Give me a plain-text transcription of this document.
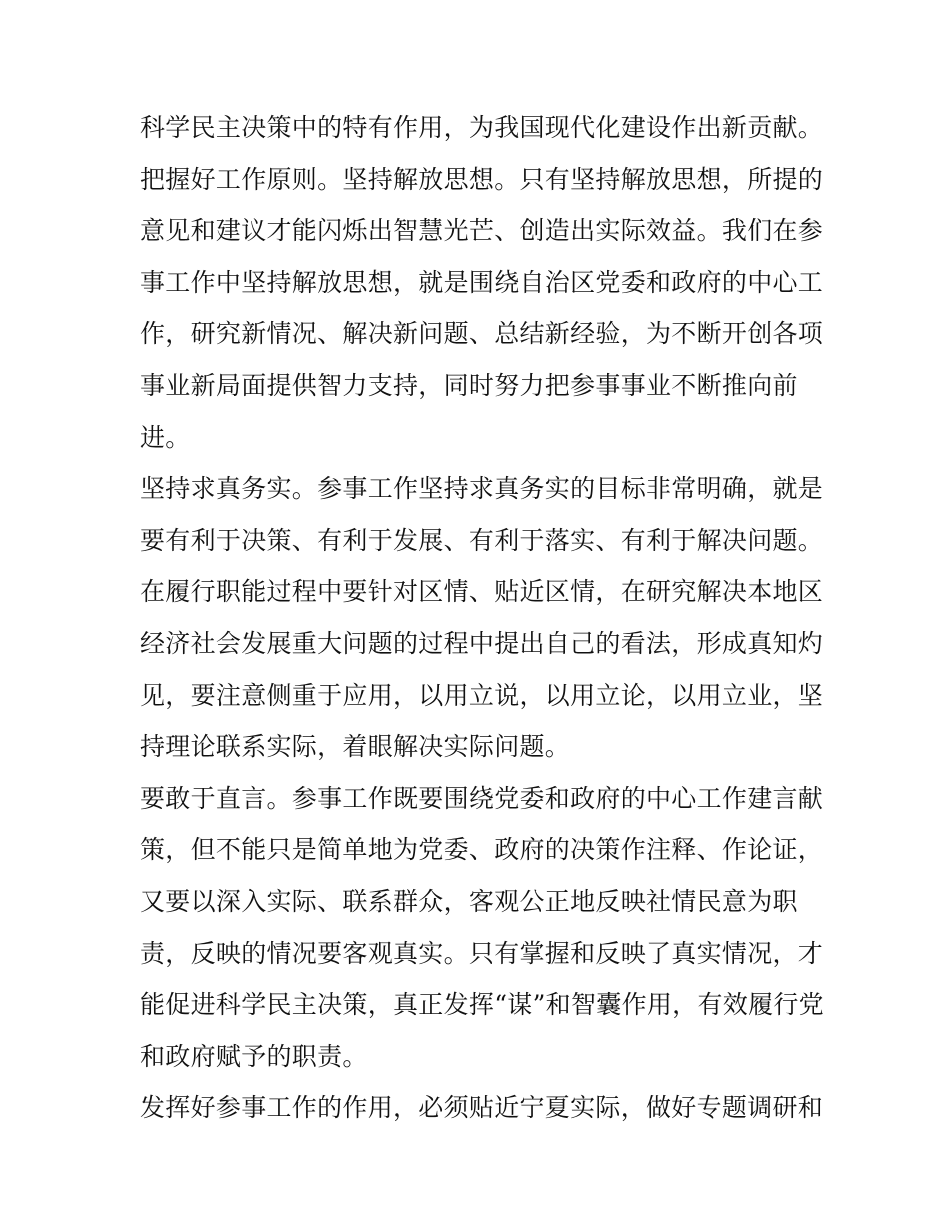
科学民主决策中的特有作用，为我国现代化建设作出新贡献。
把握好工作原则。坚持解放思想。只有坚持解放思想，所提的
意见和建议才能闪烁出智慧光芒、创造出实际效益。我们在参
事工作中坚持解放思想，就是围绕自治区党委和政府的中心工
作，研究新情况、解决新问题、总结新经验，为不断开创各项
事业新局面提供智力支持，同时努力把参事事业不断推向前
进。
坚持求真务实。参事工作坚持求真务实的目标非常明确，就是
要有利于决策、有利于发展、有利于落实、有利于解决问题。
在履行职能过程中要针对区情、贴近区情，在研究解决本地区
经济社会发展重大问题的过程中提出自己的看法，形成真知灼
见，要注意侧重于应用，以用立说，以用立论，以用立业，坚
持理论联系实际，着眼解决实际问题。
要敢于直言。参事工作既要围绕党委和政府的中心工作建言献
策，但不能只是简单地为党委、政府的决策作注释、作论证，
又要以深入实际、联系群众，客观公正地反映社情民意为职
责，反映的情况要客观真实。只有掌握和反映了真实情况，才
能促进科学民主决策，真正发挥“谋”和智囊作用，有效履行党
和政府赋予的职责。
发挥好参事工作的作用，必须贴近宁夏实际，做好专题调研和
